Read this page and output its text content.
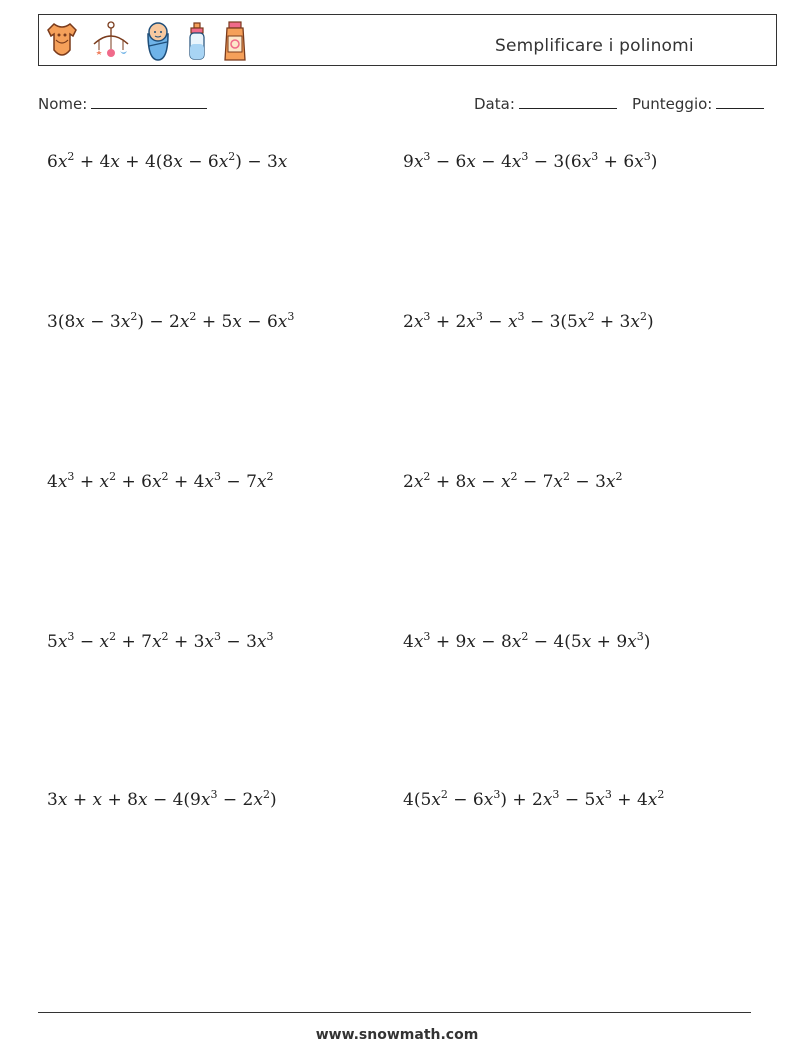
Semplificare i polinomi
Nome:	Data:	Punteggio:
$6x^2 + 4x + 4(8x - 6x^2) - 3x$	$9x^3 - 6x - 4x^3 - 3(6x^3 + 6x^3)$
$3(8x - 3x^2) - 2x^2 + 5x - 6x^3$	$2x^3 + 2x^3 - x^3 - 3(5x^2 + 3x^2)$
$4x^3 + x^2 + 6x^2 + 4x^3 - 7x^2$	$2x^2 + 8x - x^2 - 7x^2 - 3x^2$
$5x^3 - x^2 + 7x^2 + 3x^3 - 3x^3$	$4x^3 + 9x - 8x^2 - 4(5x + 9x^3)$
$3x + x + 8x - 4(9x^3 - 2x^2)$	$4(5x^2 - 6x^3) + 2x^3 - 5x^3 + 4x^2$
www.snowmath.com
